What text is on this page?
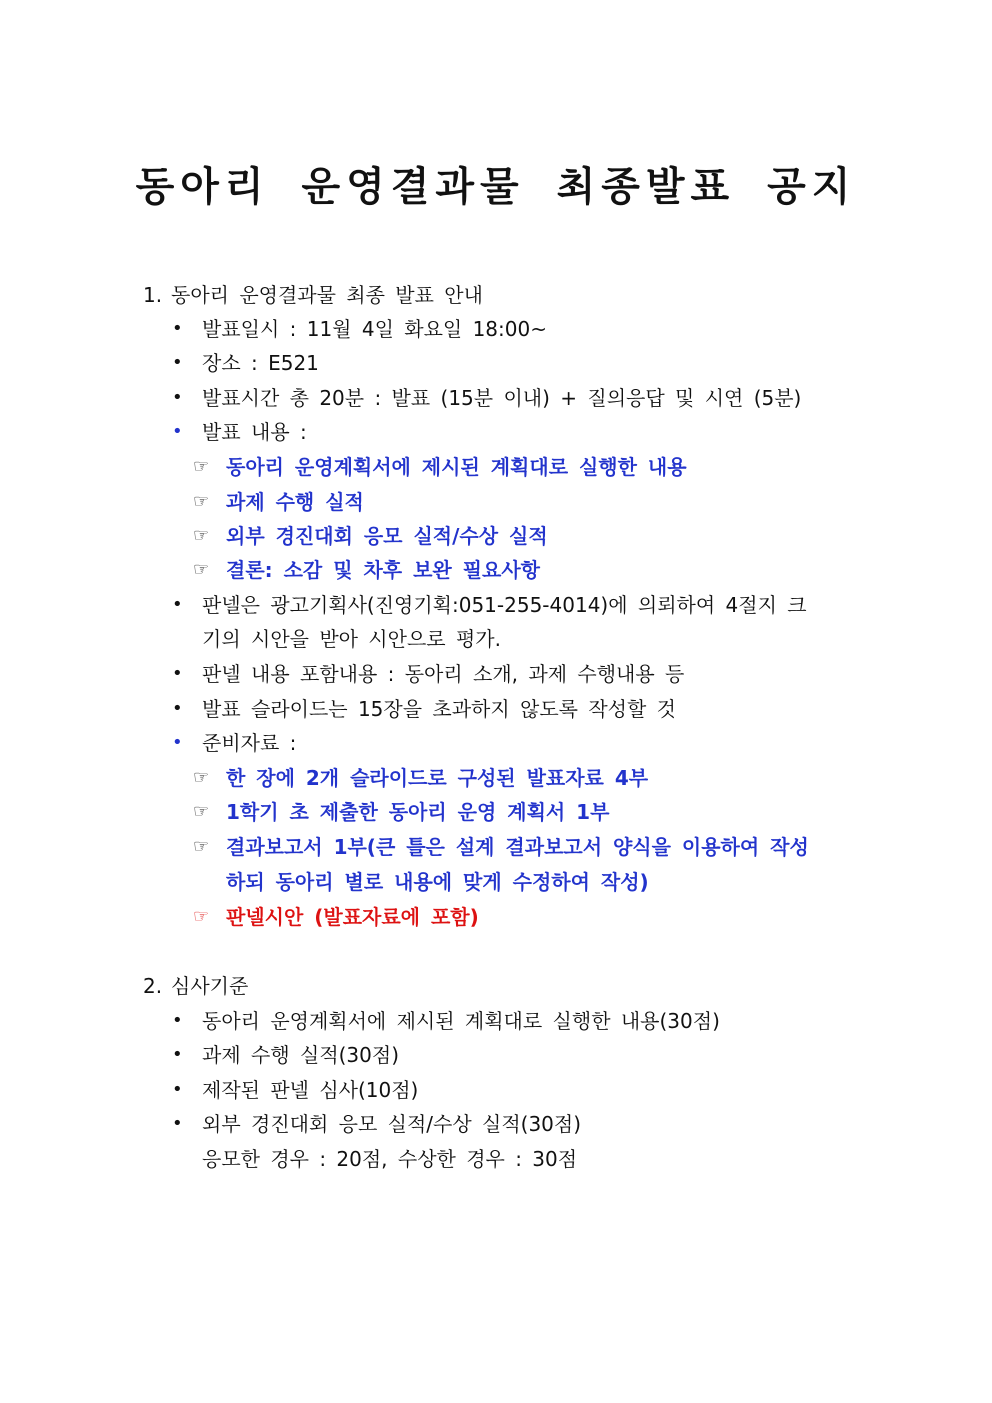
동아리 운영결과물 최종발표 공지
1. 동아리 운영결과물 최종 발표 안내
• 발표일시 : 11월 4일 화요일 18:00~
• 장소 : E521
• 발표시간 총 20분 : 발표 (15분 이내) + 질의응답 및 시연 (5분)
• 발표 내용 :
☞ 동아리 운영계획서에 제시된 계획대로 실행한 내용
☞ 과제 수행 실적
☞ 외부 경진대회 응모 실적/수상 실적
☞ 결론: 소감 및 차후 보완 필요사항
• 판넬은 광고기획사(진영기획:051-255-4014)에 의뢰하여 4절지 크
기의 시안을 받아 시안으로 평가.
• 판넬 내용 포함내용 : 동아리 소개, 과제 수행내용 등
• 발표 슬라이드는 15장을 초과하지 않도록 작성할 것
• 준비자료 :
☞ 한 장에 2개 슬라이드로 구성된 발표자료 4부
☞ 1학기 초 제출한 동아리 운영 계획서 1부
☞ 결과보고서 1부(큰 틀은 설계 결과보고서 양식을 이용하여 작성
하되 동아리 별로 내용에 맞게 수정하여 작성)
☞ 판넬시안 (발표자료에 포함)
2. 심사기준
• 동아리 운영계획서에 제시된 계획대로 실행한 내용(30점)
• 과제 수행 실적(30점)
• 제작된 판넬 심사(10점)
• 외부 경진대회 응모 실적/수상 실적(30점)
응모한 경우 : 20점, 수상한 경우 : 30점
